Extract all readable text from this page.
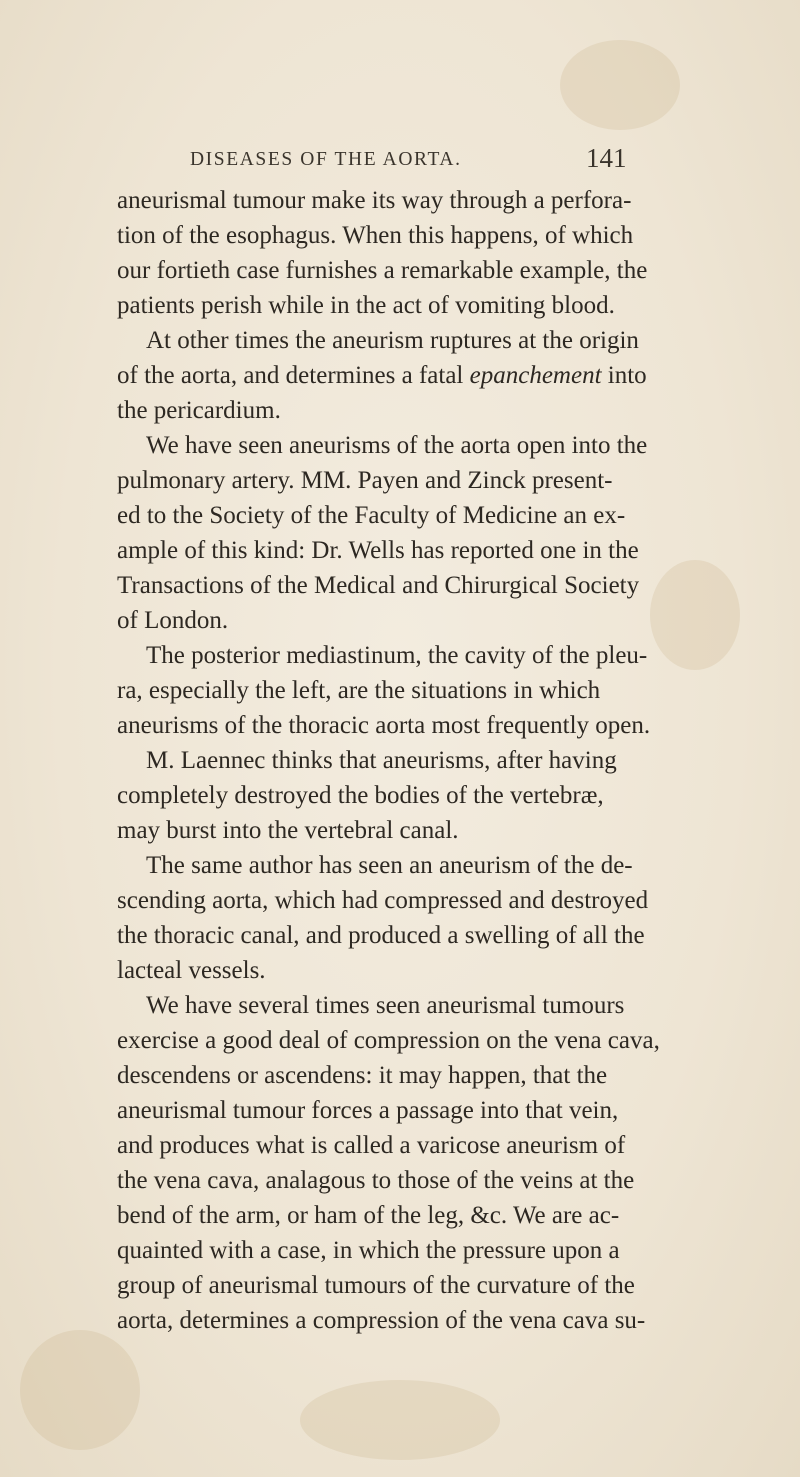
DISEASES OF THE AORTA.	141
aneurismal tumour make its way through a perfora-
tion of the esophagus. When this happens, of which
our fortieth case furnishes a remarkable example, the
patients perish while in the act of vomiting blood.
At other times the aneurism ruptures at the origin
of the aorta, and determines a fatal epanchement into
the pericardium.
We have seen aneurisms of the aorta open into the
pulmonary artery. MM. Payen and Zinck present-
ed to the Society of the Faculty of Medicine an ex-
ample of this kind: Dr. Wells has reported one in the
Transactions of the Medical and Chirurgical Society
of London.
The posterior mediastinum, the cavity of the pleu-
ra, especially the left, are the situations in which
aneurisms of the thoracic aorta most frequently open.
M. Laennec thinks that aneurisms, after having
completely destroyed the bodies of the vertebræ,
may burst into the vertebral canal.
The same author has seen an aneurism of the de-
scending aorta, which had compressed and destroyed
the thoracic canal, and produced a swelling of all the
lacteal vessels.
We have several times seen aneurismal tumours
exercise a good deal of compression on the vena cava,
descendens or ascendens: it may happen, that the
aneurismal tumour forces a passage into that vein,
and produces what is called a varicose aneurism of
the vena cava, analagous to those of the veins at the
bend of the arm, or ham of the leg, &c. We are ac-
quainted with a case, in which the pressure upon a
group of aneurismal tumours of the curvature of the
aorta, determines a compression of the vena cava su-
